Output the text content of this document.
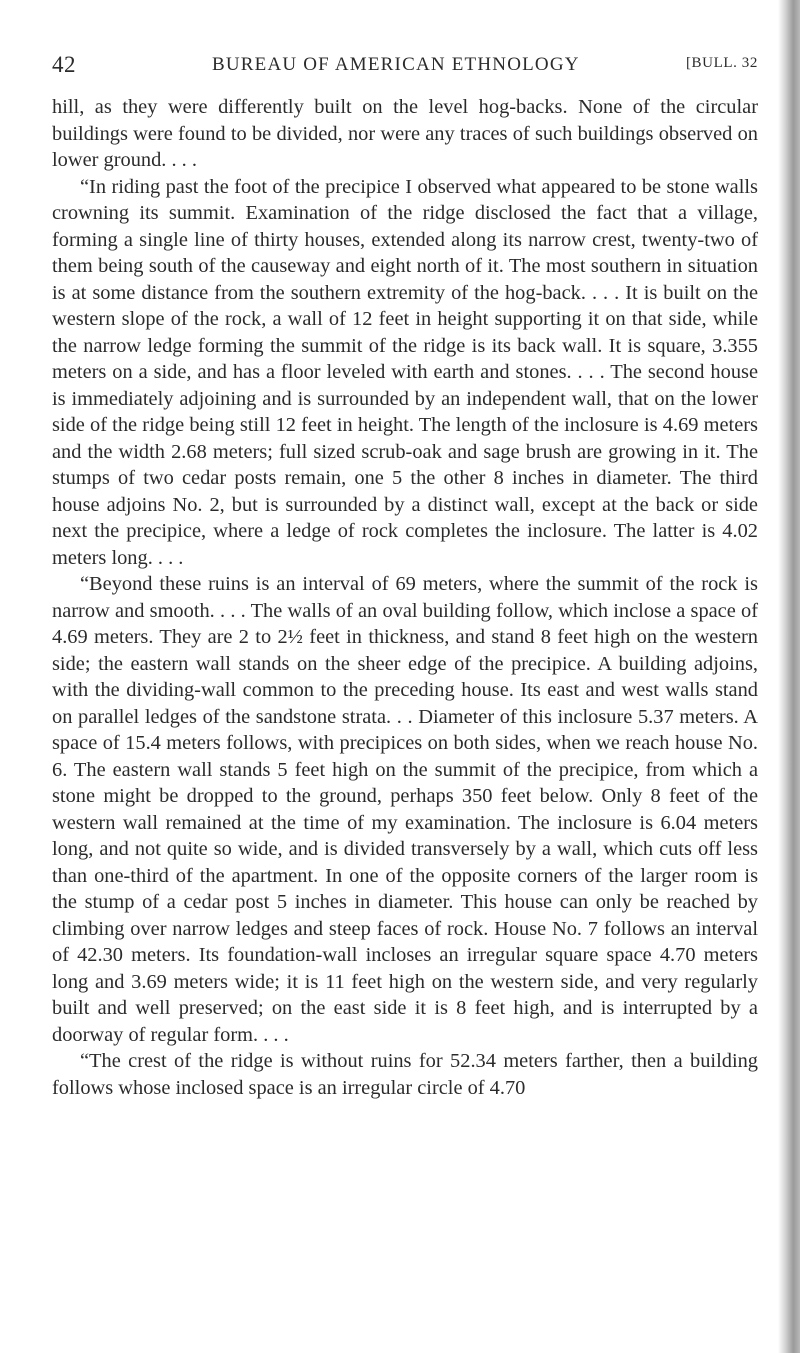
42	BUREAU OF AMERICAN ETHNOLOGY	[BULL. 32

hill, as they were differently built on the level hog-backs. None of the circular buildings were found to be divided, nor were any traces of such buildings observed on lower ground. . . .

“In riding past the foot of the precipice I observed what appeared to be stone walls crowning its summit. Examination of the ridge disclosed the fact that a village, forming a single line of thirty houses, extended along its narrow crest, twenty-two of them being south of the causeway and eight north of it. The most southern in situation is at some distance from the southern extremity of the hog-back. . . . It is built on the western slope of the rock, a wall of 12 feet in height supporting it on that side, while the narrow ledge forming the summit of the ridge is its back wall. It is square, 3.355 meters on a side, and has a floor leveled with earth and stones. . . . The second house is immediately adjoining and is surrounded by an independent wall, that on the lower side of the ridge being still 12 feet in height. The length of the inclosure is 4.69 meters and the width 2.68 meters; full sized scrub-oak and sage brush are growing in it. The stumps of two cedar posts remain, one 5 the other 8 inches in diameter. The third house adjoins No. 2, but is surrounded by a distinct wall, except at the back or side next the precipice, where a ledge of rock completes the inclosure. The latter is 4.02 meters long. . . .

“Beyond these ruins is an interval of 69 meters, where the summit of the rock is narrow and smooth. . . . The walls of an oval building follow, which inclose a space of 4.69 meters. They are 2 to 2½ feet in thickness, and stand 8 feet high on the western side; the eastern wall stands on the sheer edge of the precipice. A building adjoins, with the dividing-wall common to the preceding house. Its east and west walls stand on parallel ledges of the sandstone strata. . . Diameter of this inclosure 5.37 meters. A space of 15.4 meters follows, with precipices on both sides, when we reach house No. 6. The eastern wall stands 5 feet high on the summit of the precipice, from which a stone might be dropped to the ground, perhaps 350 feet below. Only 8 feet of the western wall remained at the time of my examination. The inclosure is 6.04 meters long, and not quite so wide, and is divided transversely by a wall, which cuts off less than one-third of the apartment. In one of the opposite corners of the larger room is the stump of a cedar post 5 inches in diameter. This house can only be reached by climbing over narrow ledges and steep faces of rock. House No. 7 follows an interval of 42.30 meters. Its foundation-wall incloses an irregular square space 4.70 meters long and 3.69 meters wide; it is 11 feet high on the western side, and very regularly built and well preserved; on the east side it is 8 feet high, and is interrupted by a doorway of regular form. . . .

“The crest of the ridge is without ruins for 52.34 meters farther, then a building follows whose inclosed space is an irregular circle of 4.70
